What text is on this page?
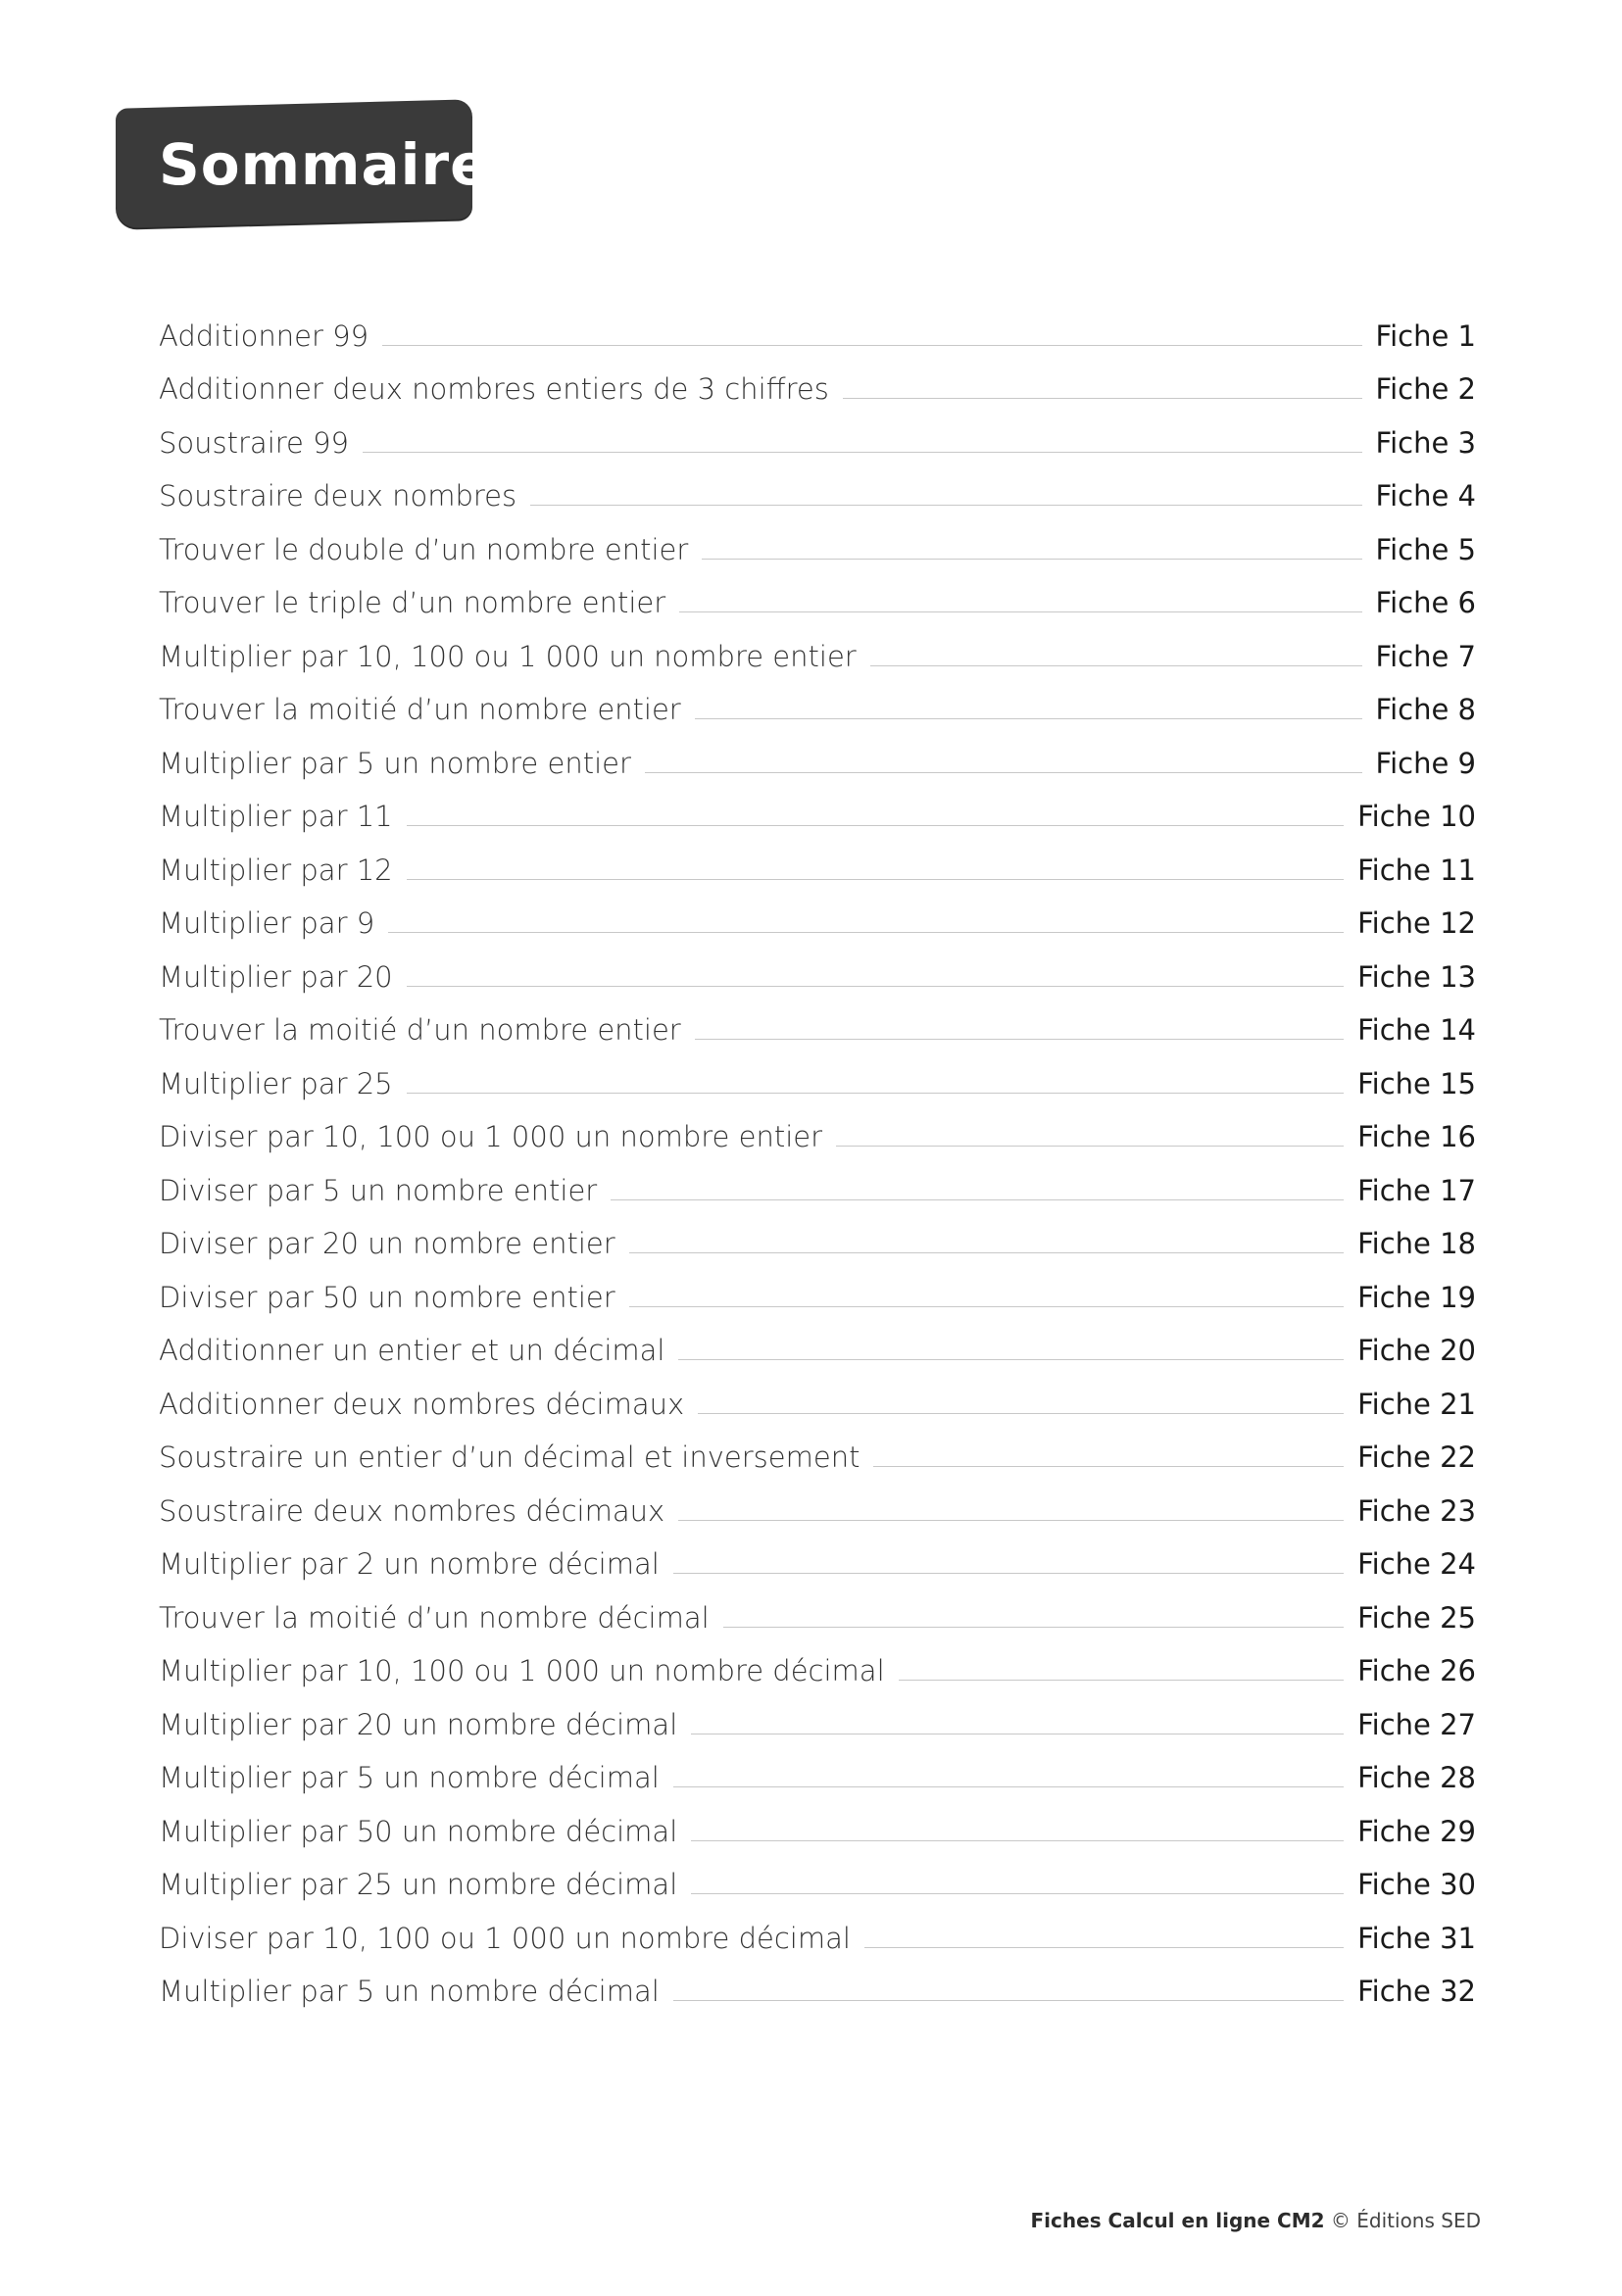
Sommaire
Additionner 99	Fiche 1
Additionner deux nombres entiers de 3 chiffres	Fiche 2
Soustraire 99	Fiche 3
Soustraire deux nombres	Fiche 4
Trouver le double d’un nombre entier	Fiche 5
Trouver le triple d’un nombre entier	Fiche 6
Multiplier par 10, 100 ou 1 000 un nombre entier	Fiche 7
Trouver la moitié d’un nombre entier	Fiche 8
Multiplier par 5 un nombre entier	Fiche 9
Multiplier par 11	Fiche 10
Multiplier par 12	Fiche 11
Multiplier par 9	Fiche 12
Multiplier par 20	Fiche 13
Trouver la moitié d’un nombre entier	Fiche 14
Multiplier par 25	Fiche 15
Diviser par 10, 100 ou 1 000 un nombre entier	Fiche 16
Diviser par 5 un nombre entier	Fiche 17
Diviser par 20 un nombre entier	Fiche 18
Diviser par 50 un nombre entier	Fiche 19
Additionner un entier et un décimal	Fiche 20
Additionner deux nombres décimaux	Fiche 21
Soustraire un entier d’un décimal et inversement	Fiche 22
Soustraire deux nombres décimaux	Fiche 23
Multiplier par 2 un nombre décimal	Fiche 24
Trouver la moitié d’un nombre décimal	Fiche 25
Multiplier par 10, 100 ou 1 000 un nombre décimal	Fiche 26
Multiplier par 20 un nombre décimal	Fiche 27
Multiplier par 5 un nombre décimal	Fiche 28
Multiplier par 50 un nombre décimal	Fiche 29
Multiplier par 25 un nombre décimal	Fiche 30
Diviser par 10, 100 ou 1 000 un nombre décimal	Fiche 31
Multiplier par 5 un nombre décimal	Fiche 32
Fiches Calcul en ligne CM2 © Éditions SED
